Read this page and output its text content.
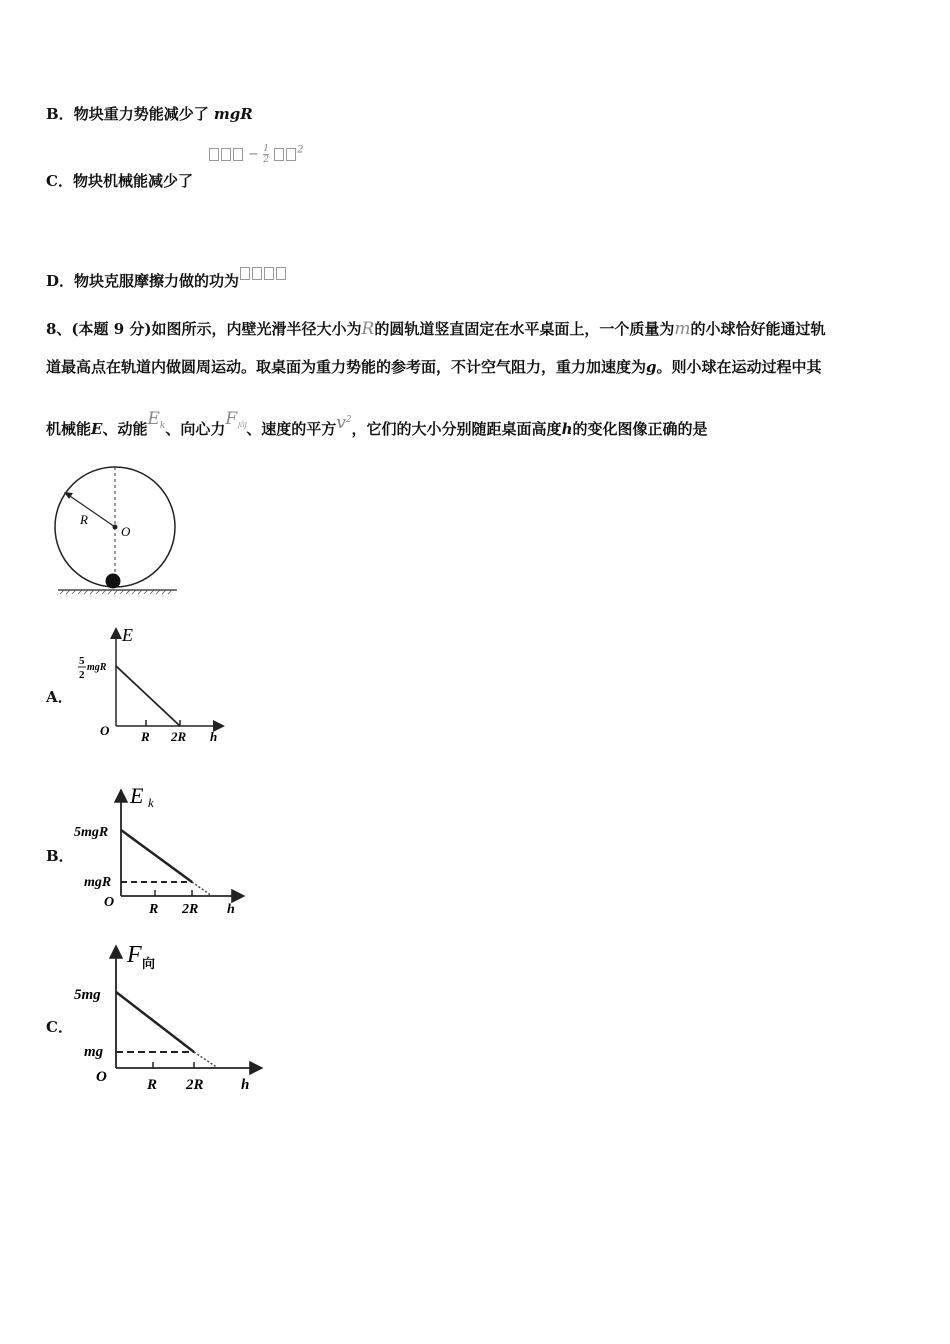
B．物块重力势能减少了 mgR
C．物块机械能减少了
− $\frac{1}{2}$	$^2$
D．物块克服摩擦力做的功为
8、(本题 9 分)如图所示，内壁光滑半径大小为R的圆轨道竖直固定在水平桌面上，一个质量为m的小球恰好能通过轨
道最高点在轨道内做圆周运动。取桌面为重力势能的参考面，不计空气阻力，重力加速度为g。则小球在运动过程中其
机械能E、动能$E_k$、向心力$F_向$、速度的平方$v^2$，它们的大小分别随距桌面高度h的变化图像正确的是
R
O
A．
E
5
2
mgR
O R 2R h
B．
E k
5mgR
mgR
O R 2R h
C．
F 向
5mg
mg
O	R 2R h
